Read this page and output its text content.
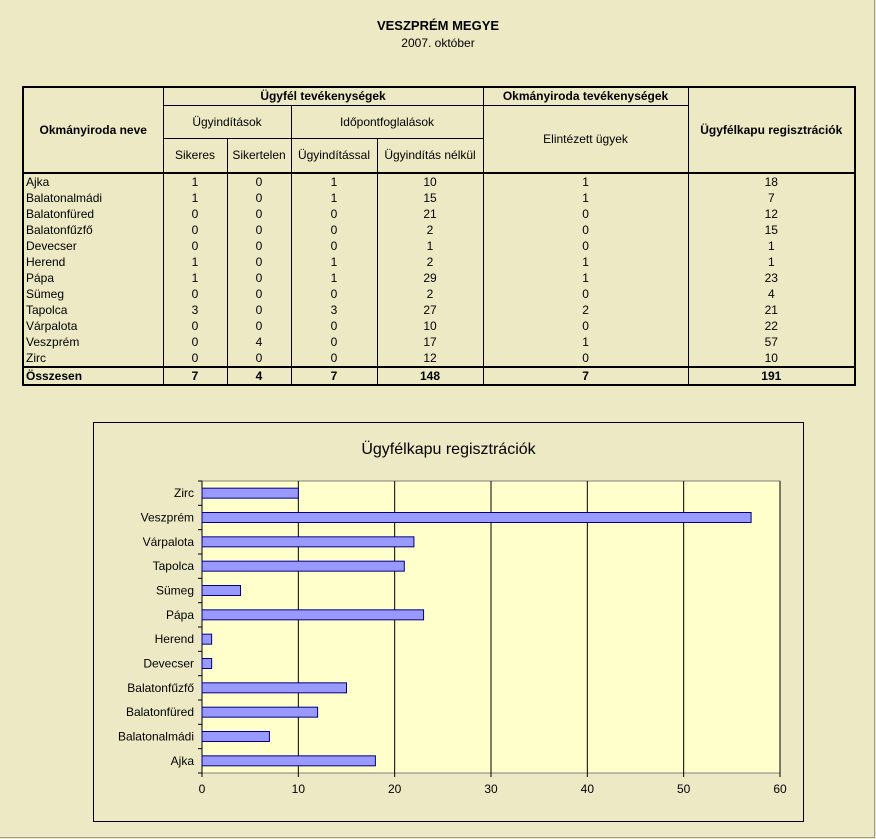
VESZPRÉM MEGYE
2007. október
Okmányiroda neve	Ügyfél tevékenységek				Okmányiroda tevékenységek	Ügyfélkapu regisztrációk
	Ügyindítások		Időpontfoglalások		Elintézett ügyek	
	Sikeres	Sikertelen	Ügyindítással	Ügyindítás nélkül		
Ajka	1	0	1	10	1	18
Balatonalmádi	1	0	1	15	1	7
Balatonfüred	0	0	0	21	0	12
Balatonfűzfő	0	0	0	2	0	15
Devecser	0	0	0	1	0	1
Herend	1	0	1	2	1	1
Pápa	1	0	1	29	1	23
Sümeg	0	0	0	2	0	4
Tapolca	3	0	3	27	2	21
Várpalota	0	0	0	10	0	22
Veszprém	0	4	0	17	1	57
Zirc	0	0	0	12	0	10
Összesen	7	4	7	148	7	191
Ügyfélkapu regisztrációk
0	10	20	30	40	50	60
Zirc
Veszprém
Várpalota
Tapolca
Sümeg
Pápa
Herend
Devecser
Balatonfűzfő
Balatonfüred
Balatonalmádi
Ajka
